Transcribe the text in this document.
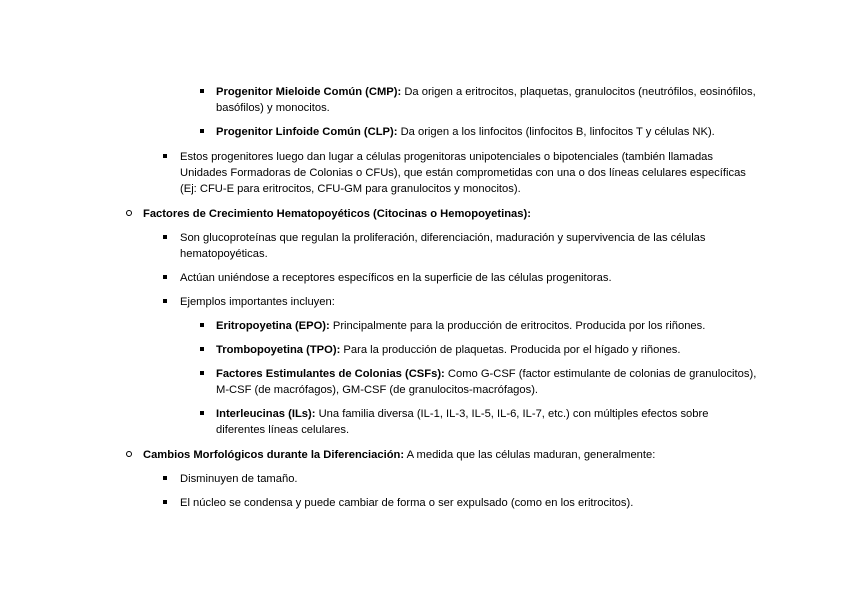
Progenitor Mieloide Común (CMP): Da origen a eritrocitos, plaquetas, granulocitos (neutrófilos, eosinófilos, basófilos) y monocitos.
Progenitor Linfoide Común (CLP): Da origen a los linfocitos (linfocitos B, linfocitos T y células NK).
Estos progenitores luego dan lugar a células progenitoras unipotenciales o bipotenciales (también llamadas Unidades Formadoras de Colonias o CFUs), que están comprometidas con una o dos líneas celulares específicas (Ej: CFU-E para eritrocitos, CFU-GM para granulocitos y monocitos).
Factores de Crecimiento Hematopoyéticos (Citocinas o Hemopoyetinas):
Son glucoproteínas que regulan la proliferación, diferenciación, maduración y supervivencia de las células hematopoyéticas.
Actúan uniéndose a receptores específicos en la superficie de las células progenitoras.
Ejemplos importantes incluyen:
Eritropoyetina (EPO): Principalmente para la producción de eritrocitos. Producida por los riñones.
Trombopoyetina (TPO): Para la producción de plaquetas. Producida por el hígado y riñones.
Factores Estimulantes de Colonias (CSFs): Como G-CSF (factor estimulante de colonias de granulocitos), M-CSF (de macrófagos), GM-CSF (de granulocitos-macrófagos).
Interleucinas (ILs): Una familia diversa (IL-1, IL-3, IL-5, IL-6, IL-7, etc.) con múltiples efectos sobre diferentes líneas celulares.
Cambios Morfológicos durante la Diferenciación: A medida que las células maduran, generalmente:
Disminuyen de tamaño.
El núcleo se condensa y puede cambiar de forma o ser expulsado (como en los eritrocitos).
